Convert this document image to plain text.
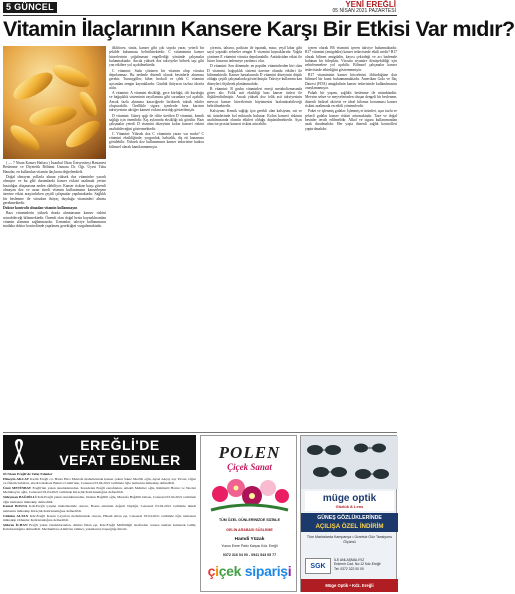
5 GÜNCEL	YENİ EREĞLİ
05 NİSAN 2021 PAZARTESİ
Vitamin İlaçlarının Kansere Karşı Bir Etkisi Var mıdır?

( — 7 Nisan Kanser Haftası ) İstanbul Okan Üniversitesi Hastanesi Beslenme ve Diyetetik Bölümü Uzmanı Dr. Öğr. Üyesi Tuba Hanalar, en kullanılan vitamin ilaçlarını değerlendirdi.

Doğal olmayan yollarla alınan yüksek doz vitaminler yararlı olmuyor ve bu gibi durumlarda kanser riskini azaltmak yerine hastalığın oluşmasına neden olabiliyor. Kanser riskine karşı güvenli olmayan doz ve uzun süreli vitamin kullanımının kanserleşme üzerine etkisi araştırılırken çeşitli çalışmalar yapılmaktadır. Sağlıklı bir beslenme ile vücudun ihtiyaç duyduğu vitaminleri alması gerekmektedir.

Doktor kontrolü olmadan vitamin kullanmayın

Bazı vitaminlerin yüksek dozda alınmasının kanser riskini artırabileceği bilinmektedir. Önemli olan doğal besin kaynaklarından vitamin alımının sağlanmasıdır. Uzmanlar, takviye kullanımının mutlaka doktor kontrolünde yapılması gerektiğini vurgulamaktadır.

ilkliforez, sinüz, kanser gibi çok sayıda yarar, yeterli bir şekilde bulunması belirtilmektedir. C vitamininin kanser hücrelerinin çoğalmasını engellediği yönünde çalışmalar bulunmaktadır. Ancak yüksek doz takviyeler böbrek taşı gibi yan etkilere yol açabilmektedir.

C vitamini: Suda çözünen bir vitamin olup vücutta depolanmaz. Bu nedenle düzenli olarak besinlerle alınması gerekir. Turunçgiller, biber, brokoli ve çilek C vitamini açısından zengin kaynaklardır. Günlük ihtiyacın fazlası idrarla atılır.

A vitamini: A vitamini eksikliği, gece körlüğü, cilt kuruluğu ve bağışıklık sisteminin zayıflaması gibi sorunlara yol açabilir. Ancak fazla alınması karaciğerde birikerek toksik etkiler oluşturabilir. Özellikle sigara içenlerde beta karoten takviyesinin akciğer kanseri riskini artırdığı gösterilmiştir.

D vitamini: Güneş ışığı ile ciltte üretilen D vitamini, kemik sağlığı için önemlidir. Kış aylarında eksikliği sık görülür. Bazı çalışmalar yeterli D vitamini düzeyinin kolon kanseri riskini azaltabileceğini göstermektedir.

C Vitamini: Yüksek doz C vitaminin yararı var mıdır? C vitamini eksikliğinde; yorgunluk, halsizlik, diş eti kanaması görülebilir. Yüksek doz kullanımının kanser tedavisine katkısı bilimsel olarak kanıtlanmamıştır.

çöreotu, taharra, patlıcan ile ispanak, mısır, yeşil lahar gibi sayıl yapraklı sebzeler zengin E vitamini kaynaklarıdır. Yağda çözünen E vitamini vücutta depolanabilir. Antioksidan etkisi ile hücre hasarını önlemeye yardımcı olur.

D vitamini: Son dönemde, en popüler vitaminlerden biri olan D vitamini, bağışıklık sistemi üzerine olumlu etkileri ile bilinmektedir. Kanser hastalarında D vitamini düzeyinin düşük olduğu çeşitli çalışmalarda gösterilmiştir. Takviye kullanımı kan düzeyleri ölçülerek planlanmalıdır.

B vitamini: B grubu vitaminleri enerji metabolizmasında görev alır. Folik asit eksikliği bazı kanser türleri ile ilişkilendirilmiştir. Ancak yüksek doz folik asit takviyesinin mevcut kanser hücrelerinin büyümesini hızlandırabileceği belirtilmektedir.

Kalsiyum: Kemik sağlığı için gerekli olan kalsiyum, süt ve süt ürünlerinde bol miktarda bulunur. Kolon kanseri riskinin azaltılmasında olumlu etkileri olduğu düşünülmektedir. Aşırı alım ise prostat kanseri riskini artırabilir.

içeren olarak B6 vitamini içeren takviye bulunmaktadır. B17 vitamini (amigdalin) kanser tedavisinde etkili midir? B17 olarak bilinen amigdalin, kayısı çekirdeği ve acı bademde bulunan bir bileşiktir. Vücutta siyanüre dönüşebildiği için zehirlenmelere yol açabilir. Bilimsel çalışmalar kanser tedavisinde etkinliğini göstermemiştir.

B17 vitamininin kanser hücrelerini öldürdüğüne dair bilimsel bir kanıt bulunmamaktadır. Amerikan Gıda ve İlaç Dairesi (FDA) amigdalinin kanser tedavisinde kullanılmasını onaylamamıştır.

Pahalı bir yaşam, sağlıklı beslenme ile mümkündür. Mevsim sebze ve meyvelerinden oluşan dengeli bir beslenme, düzenli fiziksel aktivite ve ideal kilonun korunması kanser riskini azaltmada en etkili yöntemlerdir.

Paket ve işlenmiş gıdalar: İşlenmiş et ürünleri, aşırı tuzlu ve şekerli gıdalar kanser riskini artırmaktadır. Taze ve doğal besinler tercih edilmelidir. Alkol ve sigara kullanımından uzak durulmalıdır. Her yaşta düzenli sağlık kontrolleri yaptırılmalıdır.

EREĞLİ'DE
VEFAT EDENLER

03 Nisan Ereğli'de Vefat Edenler

Hüseyin AKCAY Kırım Ereğli ca. Hatırı Hacı Mustafa mahallesinde kanser çeken Sakız Mevlüt oğlu, Aysel Akçay eşi, Yavuz, Oğuz ve Özlem babaları, ebedi istirahata Bakırcı Camii'nde, Cenazesi 03.04.2021 tarihinde öğle namazını müteakip defnedildi.

Ümit METİNBAY Ereğli'nin yakın tanıdıklarından, Karadeniz Ereğli esnafından, emekli Mehmet oğlu, Rahmetli Hatice ve Necdet Metinbay'ın oğlu, Cenazesi 03.04.2021 tarihinde Kireçlik Kabristanlığına defnedildi.

Süleyman BAĞDİLLİ Kdz.Ereğli yakın tanıdıklarından, Osman Bağdilli oğlu, Mustafa Bağdilli babası, Cenazesi 03.04.2021 tarihinde öğle namazını müteakip defnedildi.

Kemal BOSNA Kdz.Ereğli Çeşme mahallesinde oturan, Bosna ailesinin değerli büyüğü, Cenazesi 03.04.2021 tarihinde ikindi namazını müteakip Kireçlik Kabristanlığına defnedildi.

Gülsüm ALTAN Kdz.Ereğli Kazan Çayırları mahallesinde oturan, Hüsnü Altan eşi, Cenazesi 03.04.2021 tarihinde öğle namazını müteakip Orhanlar Kabristanlığına defnedildi.

Şükran İLHAN Ereğli yakın tanıdıklarından, Ahmet İlhan eşi, Kdz.Ereğli Müftülüğü tarafından cenaze namazı kılınarak Gülüç Kabristanlığına defnedildi. Merhumlara Allah'tan rahmet, yakınlarına başsağlığı dileriz.

POLEN
Çiçek Sanat
TÜM ÖZEL GÜNLERİNİZDE SİZİNLE
GELİN ARABASI SÜSLEME
Hamdi Yüzak
Yunus Emre Parkı Karşısı Kdz. Ereğli
0372 316 04 00 - 0541 543 05 77
çiçek siparişi
müge optik
Gözlük & Lens
GÜNEŞ GÖZLÜKLERİNDE
AÇILIŞA ÖZEL İNDİRİM
Tüm Markalarda Kampanya • Ücretsiz Göz Tansiyonu Ölçümü
SGK
İLE ANLAŞMALIYIZ
Erdemir Cad. No:12 Kdz.Ereğli
Tel: 0372 322 00 00
Müge Optik • Kdz. Ereğli
